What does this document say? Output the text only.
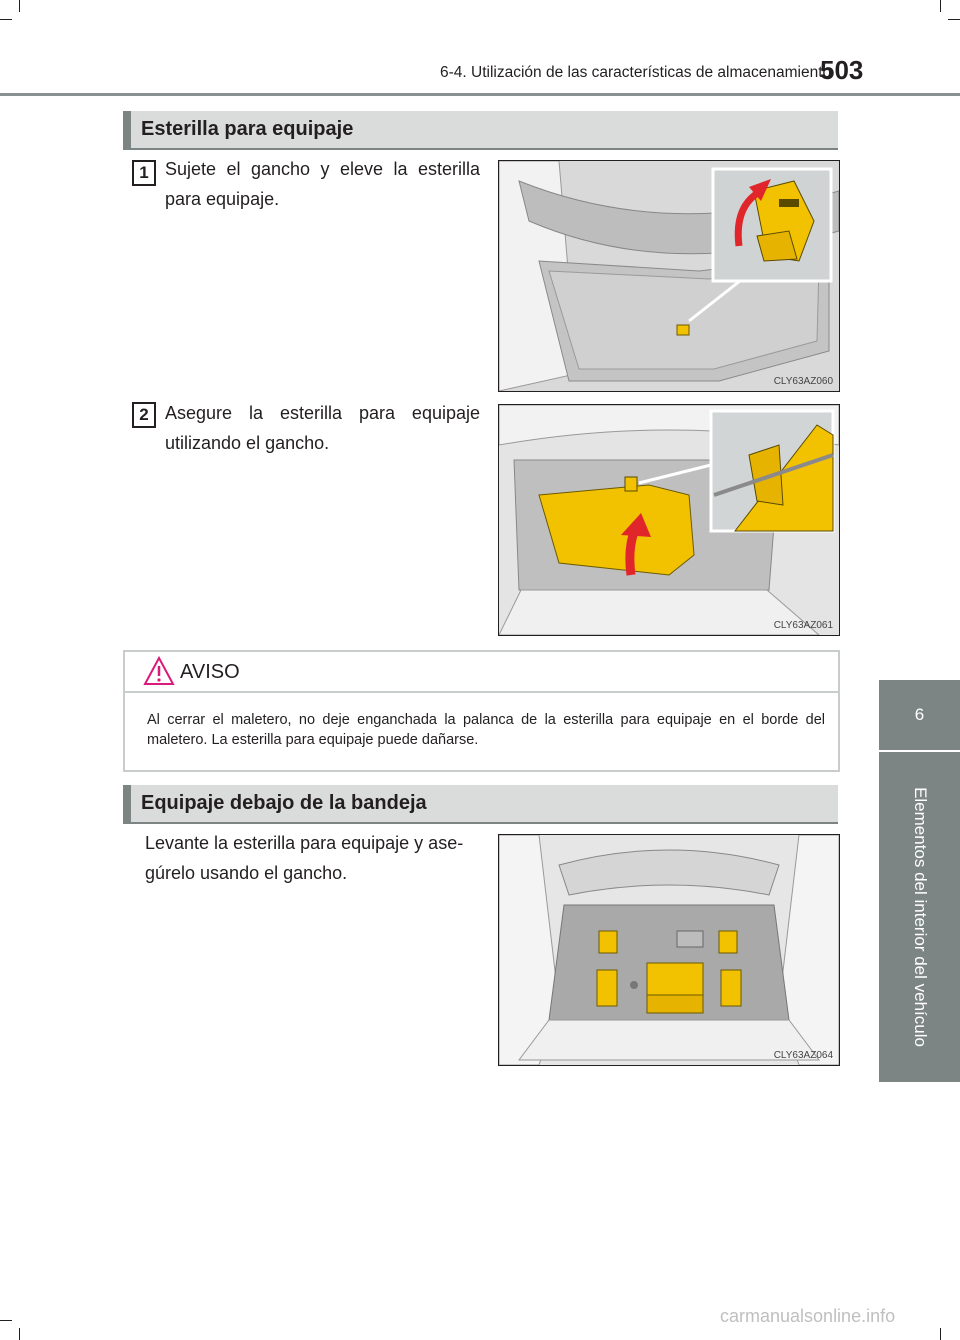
6-4. Utilización de las características de almacenamiento
503
6
Elementos del interior del vehículo
Esterilla para equipaje
1 Sujete el gancho y eleve la esterilla para equipaje.
CLY63AZ060
2 Asegure la esterilla para equipaje utilizando el gancho.
CLY63AZ061
AVISO
Al cerrar el maletero, no deje enganchada la palanca de la esterilla para equipaje en el borde del maletero. La esterilla para equipaje puede dañarse.
Equipaje debajo de la bandeja
Levante la esterilla para equipaje y ase-gúrelo usando el gancho.
CLY63AZ064
carmanualsonline.info
